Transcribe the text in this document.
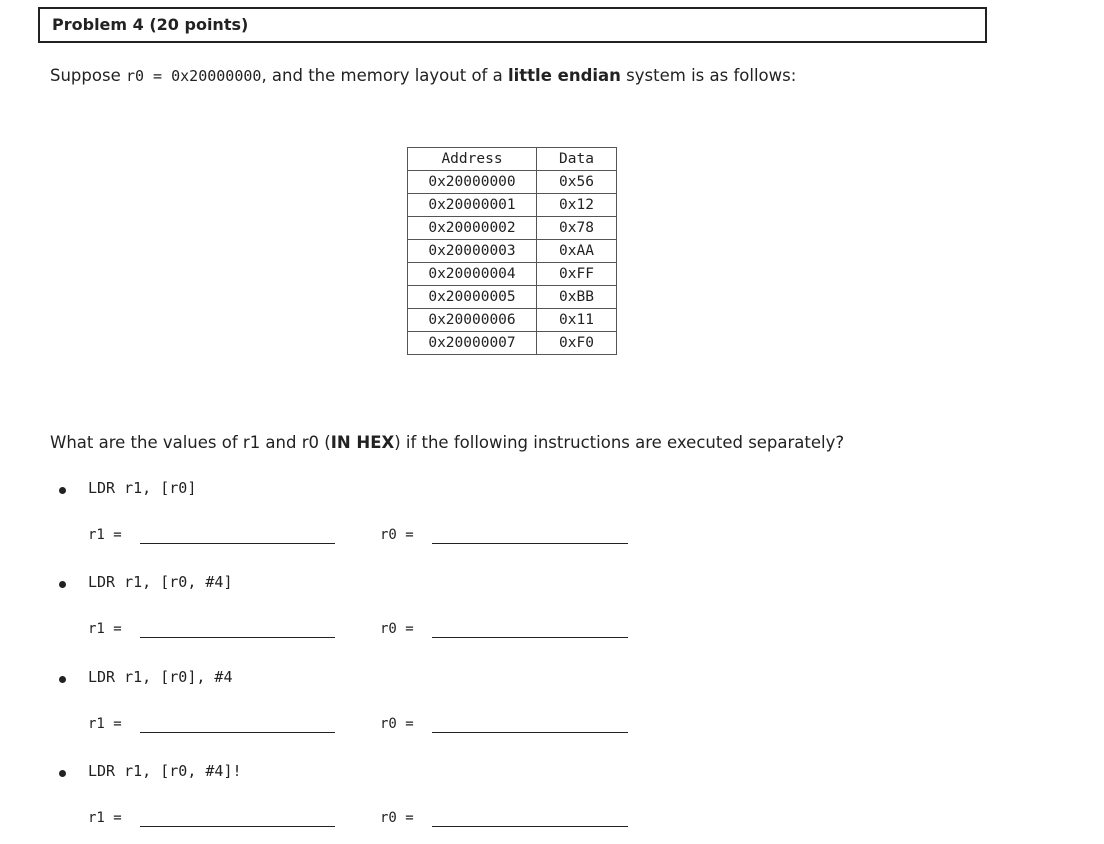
Problem 4 (20 points)
Suppose r0 = 0x20000000, and the memory layout of a little endian system is as follows:
Address	Data
0x20000000	0x56
0x20000001	0x12
0x20000002	0x78
0x20000003	0xAA
0x20000004	0xFF
0x20000005	0xBB
0x20000006	0x11
0x20000007	0xF0
What are the values of r1 and r0 (IN HEX) if the following instructions are executed separately?
LDR r1, [r0]
r1 =	r0 =
LDR r1, [r0, #4]
r1 =	r0 =
LDR r1, [r0], #4
r1 =	r0 =
LDR r1, [r0, #4]!
r1 =	r0 =
